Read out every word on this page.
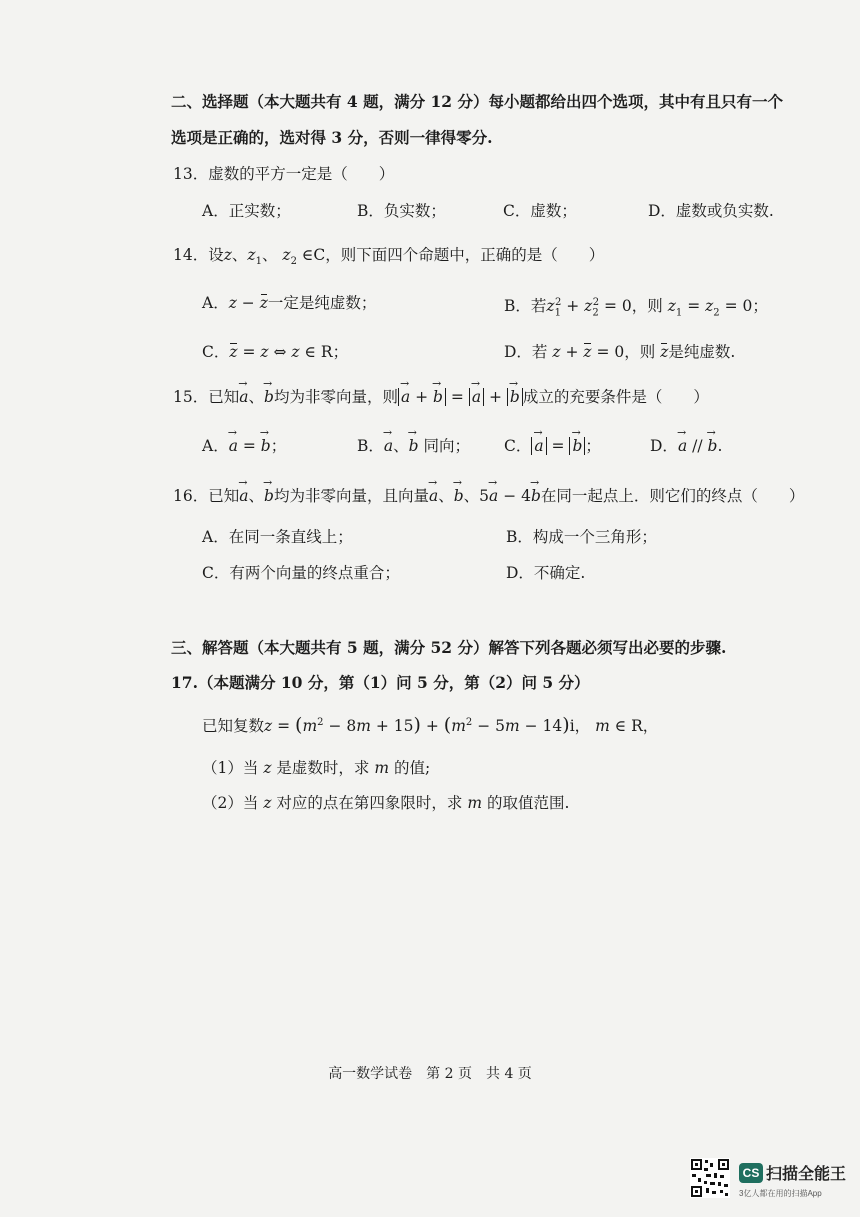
二、选择题（本大题共有 4 题，满分 12 分）每小题都给出四个选项，其中有且只有一个
选项是正确的，选对得 3 分，否则一律得零分.
13．虚数的平方一定是（　　）
A．正实数；	B．负实数；	C．虚数；	D．虚数或负实数.
14．设z、$z_1$、 $z_2$ ∈C，则下面四个命题中，正确的是（　　）
A．z − z一定是纯虚数；	B．若$z_1^2 + z_2^2 = 0$，则 $z_1 = z_2 = 0$；
C．z = z ⇔ z ∈ R；	D．若 z + z = 0，则 z是纯虚数.
15．已知→ a、→ b均为非零向量，则 → a + → b = → a + → b 成立的充要条件是（　　）
A．→ a = → b；	B．→ a、→ b 同向； C． → a = → b ；	D．→ a // → b.
16．已知→ a、→ b均为非零向量，且向量→ a、→ b、5→ a − 4→ b在同一起点上．则它们的终点（　　）
A．在同一条直线上；	B．构成一个三角形；
C．有两个向量的终点重合；	D．不确定.
三、解答题（本大题共有 5 题，满分 52 分）解答下列各题必须写出必要的步骤.
17.（本题满分 10 分，第（1）问 5 分，第（2）问 5 分）
已知复数$z = (m^2 - 8m + 15) + (m^2 - 5m - 14)i$， m ∈ R，
（1）当 z 是虚数时，求 m 的值;
（2）当 z 对应的点在第四象限时，求 m 的取值范围.
高一数学试卷　第 2 页　共 4 页
CS 扫描全能王
3亿人都在用的扫描App
